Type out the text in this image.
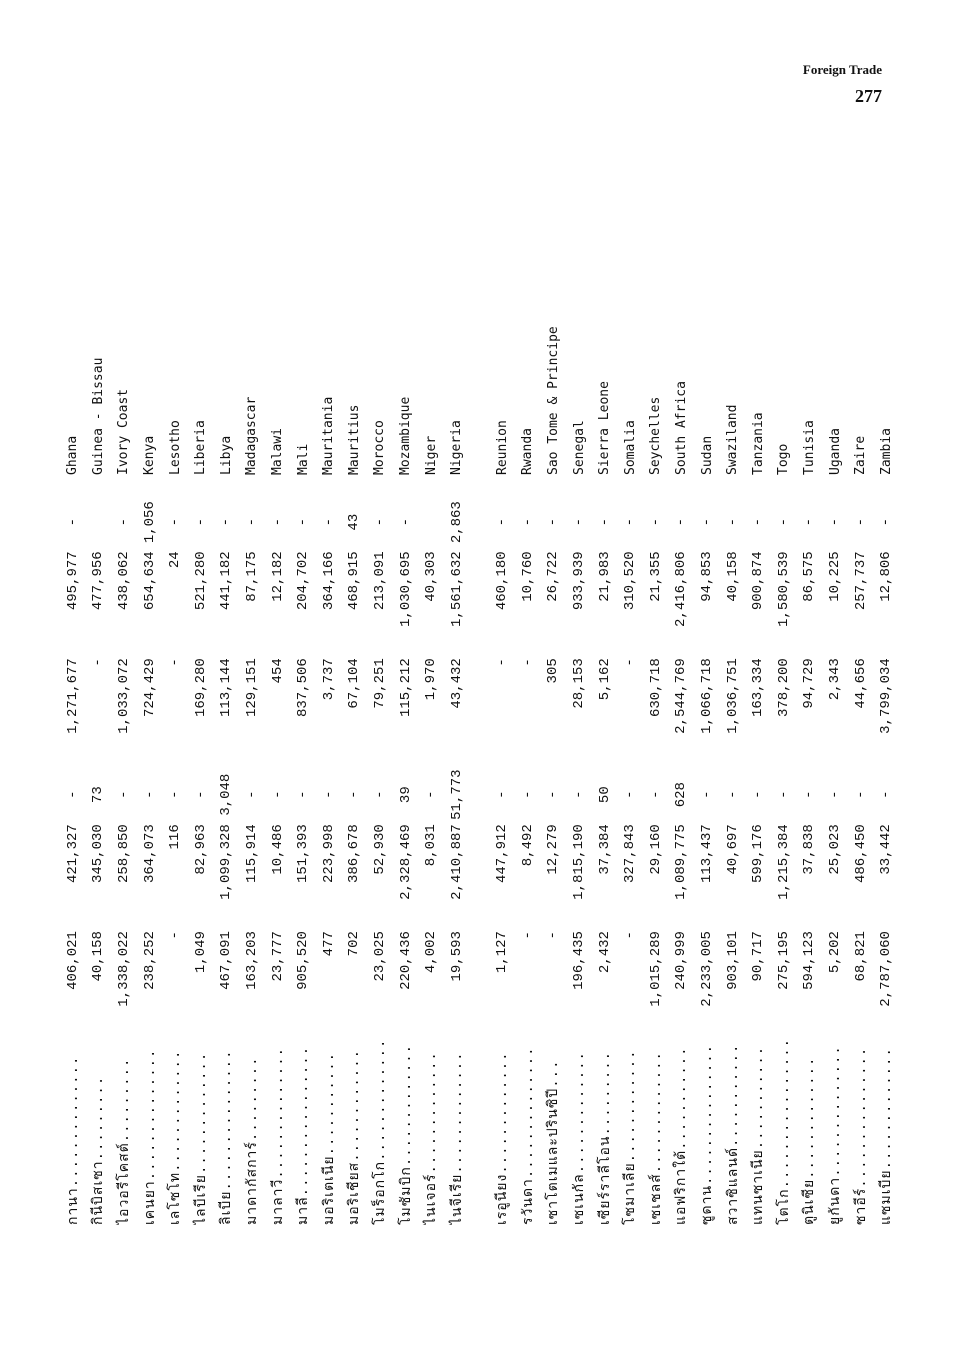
Foreign Trade
277
กานา..............	406,021	421,327	-	1,271,677	495,977	-	Ghana
กินีบิสเซา.........	40,158	345,030	73	-	477,956		Guinea - Bissau
ไอวอรีโคสต์.........	1,338,022	258,850	-	1,033,072	438,062	-	Ivory Coast
เคนยา..............	238,252	364,073	-	724,429	654,634	1,056	Kenya
เลโซโท.............	-	116	-	-	24	-	Lesotho
ไลบีเรีย.............	1,049	82,963	-	169,280	521,280	-	Liberia
ลิเบีย...............	467,091	1,099,328	3,048	113,144	441,182	-	Libya
มาดากัสการ์.........	163,203	115,914	-	129,151	87,175	-	Madagascar
มาลาวี..............	23,777	10,486	-	454	12,182	-	Malawi
มาลี................	905,520	151,393	-	837,506	204,702	-	Mali
มอริเตเนีย...........	477	223,998	-	3,737	364,166	-	Mauritania
มอริเชียส............	702	386,678	-	67,104	468,915	43	Mauritius
โมร็อกโก.............	23,025	52,930	-	79,251	213,091	-	Morocco
โมซัมบิก.............	220,436	2,328,469	39	115,212	1,030,695	-	Mozambique
ไนเจอร์.............	4,002	8,031	-	1,970	40,303		Niger
ไนจีเรีย.............	19,593	2,410,887	51,773	43,432	1,561,632	2,863	Nigeria

เรอูนียง.............	1,127	447,912	-	-	460,180	-	Reunion
รวันดา..............	-	8,492	-	-	10,760	-	Rwanda
เซาโตเมและปรินซิปี...	-	12,279	-	305	26,722	-	Sao Tome & Principe
เซเนกัล.............	196,435	1,815,190	-	28,153	933,939	-	Senegal
เซียร์ราลีโอน.........	2,432	37,384	50	5,162	21,983	-	Sierra Leone
โซมาเลีย............	-	327,843	-	-	310,520	-	Somalia
เซเชลส์.............	1,015,289	29,160	-	630,718	21,355	-	Seychelles
แอฟริกาใต้...........	240,999	1,089,775	628	2,544,769	2,416,806	-	South Africa
ซูดาน...............	2,233,005	113,437	-	1,066,718	94,853	-	Sudan
สวาซิแลนด์...........	903,101	40,697	-	1,036,751	40,158	-	Swaziland
แทนซาเนีย...........	90,717	599,176	-	163,334	900,874	-	Tanzania
โตโก................	275,195	1,215,384	-	378,200	1,580,539	-	Togo
ตูนิเซีย.............	594,123	37,838	-	94,729	86,575	-	Tunisia
ยูกันดา..............	5,202	25,023	-	2,343	10,225	-	Uganda
ซาอีร์...............	68,821	486,450	-	44,656	257,737	-	Zaire
แซมเบีย.............	2,787,060	33,442	-	3,799,034	12,806	-	Zambia
